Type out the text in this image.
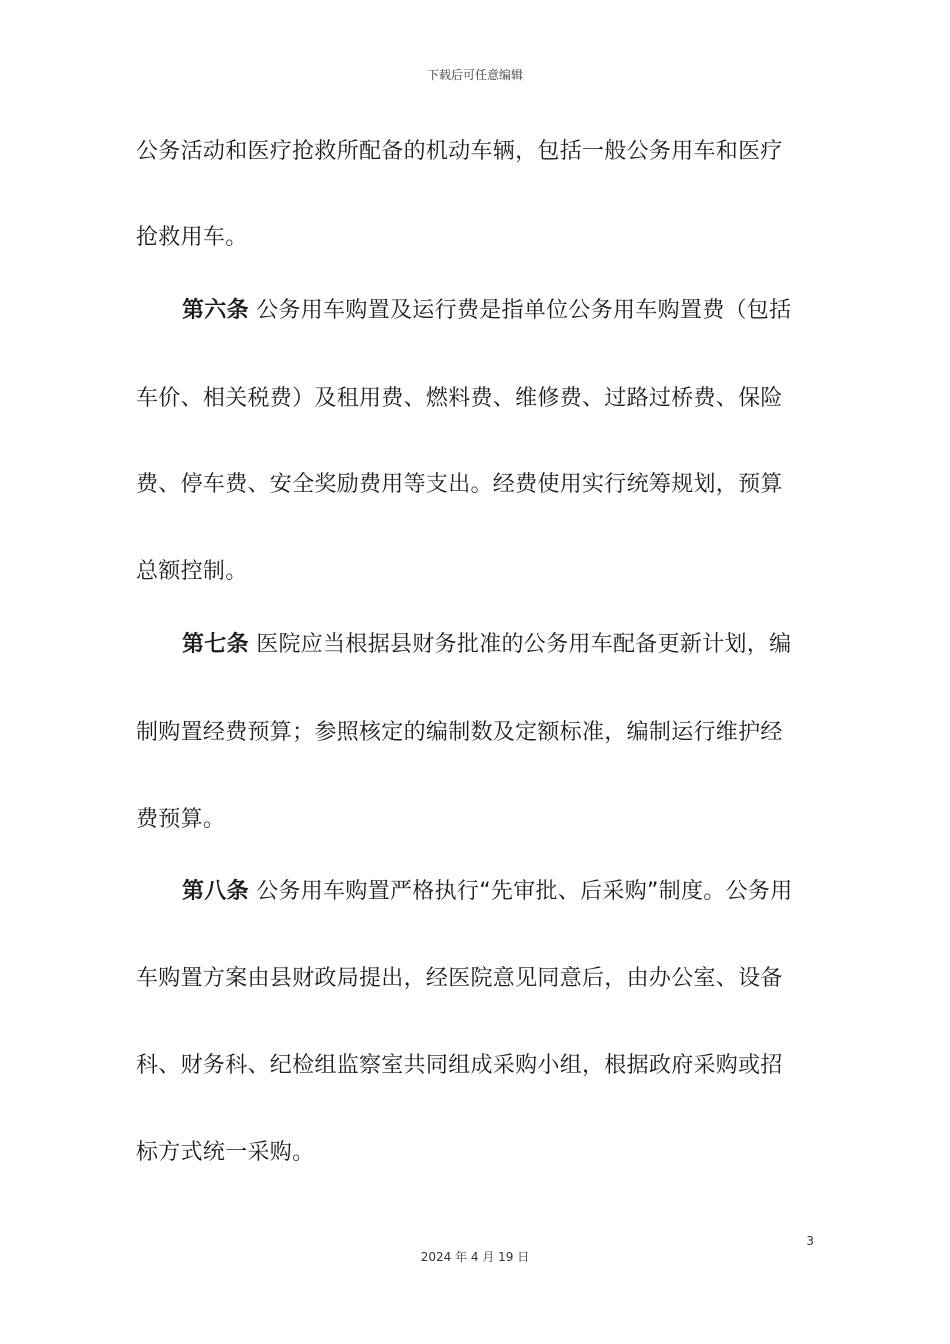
下载后可任意编辑
公务活动和医疗抢救所配备的机动车辆，包括一般公务用车和医疗
抢救用车。
第六条 公务用车购置及运行费是指单位公务用车购置费（包括
车价、相关税费）及租用费、燃料费、维修费、过路过桥费、保险
费、停车费、安全奖励费用等支出。经费使用实行统筹规划，预算
总额控制。
第七条 医院应当根据县财务批准的公务用车配备更新计划，编
制购置经费预算；参照核定的编制数及定额标准，编制运行维护经
费预算。
第八条 公务用车购置严格执行“先审批、后采购”制度。公务用
车购置方案由县财政局提出，经医院意见同意后，由办公室、设备
科、财务科、纪检组监察室共同组成采购小组，根据政府采购或招
标方式统一采购。
3
2024 年 4 月 19 日
